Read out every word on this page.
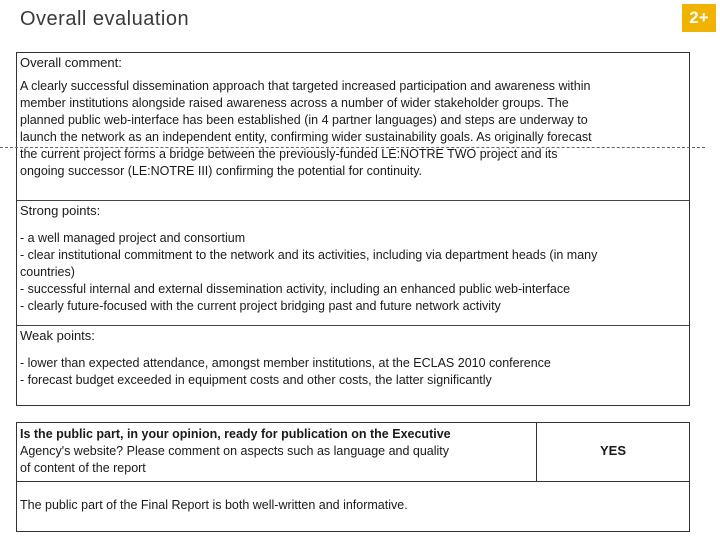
Overall evaluation	2+
Overall comment:
A clearly successful dissemination approach that targeted increased participation and awareness within
member institutions alongside raised awareness across a number of wider stakeholder groups. The
planned public web-interface has been established (in 4 partner languages) and steps are underway to
launch the network as an independent entity, confirming wider sustainability goals. As originally forecast
the current project forms a bridge between the previously-funded LE:NOTRE TWO project and its
ongoing successor (LE:NOTRE III) confirming the potential for continuity.
Strong points:
- a well managed project and consortium
- clear institutional commitment to the network and its activities, including via department heads (in many
countries)
- successful internal and external dissemination activity, including an enhanced public web-interface
- clearly future-focused with the current project bridging past and future network activity
Weak points:
- lower than expected attendance, amongst member institutions, at the ECLAS 2010 conference
- forecast budget exceeded in equipment costs and other costs, the latter significantly
Is the public part, in your opinion, ready for publication on the Executive
Agency's website? Please comment on aspects such as language and quality
of content of the report
YES
The public part of the Final Report is both well-written and informative.
